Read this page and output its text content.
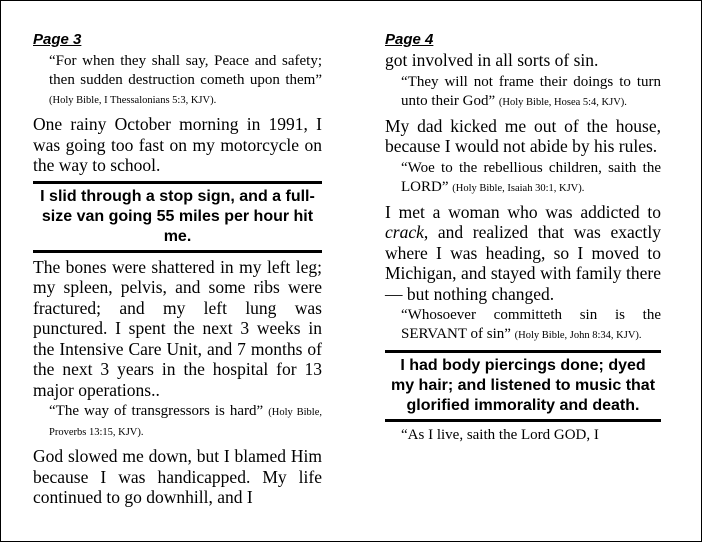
Page 3

“For when they shall say, Peace and safety; then sudden destruction cometh upon them” (Holy Bible, I Thessalonians 5:3, KJV).

One rainy October morning in 1991, I was going too fast on my motorcycle on the way to school.

I slid through a stop sign, and a full-size van going 55 miles per hour hit me.

The bones were shattered in my left leg; my spleen, pelvis, and some ribs were fractured; and my left lung was punctured. I spent the next 3 weeks in the Intensive Care Unit, and 7 months of the next 3 years in the hospital for 13 major operations..

“The way of transgressors is hard” (Holy Bible, Proverbs 13:15, KJV).

God slowed me down, but I blamed Him because I was handicapped. My life continued to go downhill, and I

Page 4

got involved in all sorts of sin.

“They will not frame their doings to turn unto their God” (Holy Bible, Hosea 5:4, KJV).

My dad kicked me out of the house, because I would not abide by his rules.

“Woe to the rebellious children, saith the LORD” (Holy Bible, Isaiah 30:1, KJV).

I met a woman who was addicted to crack, and realized that was exactly where I was heading, so I moved to Michigan, and stayed with family there — but nothing changed.

“Whosoever committeth sin is the SERVANT of sin” (Holy Bible, John 8:34, KJV).

I had body piercings done; dyed my hair; and listened to music that glorified immorality and death.

“As I live, saith the Lord GOD, I
